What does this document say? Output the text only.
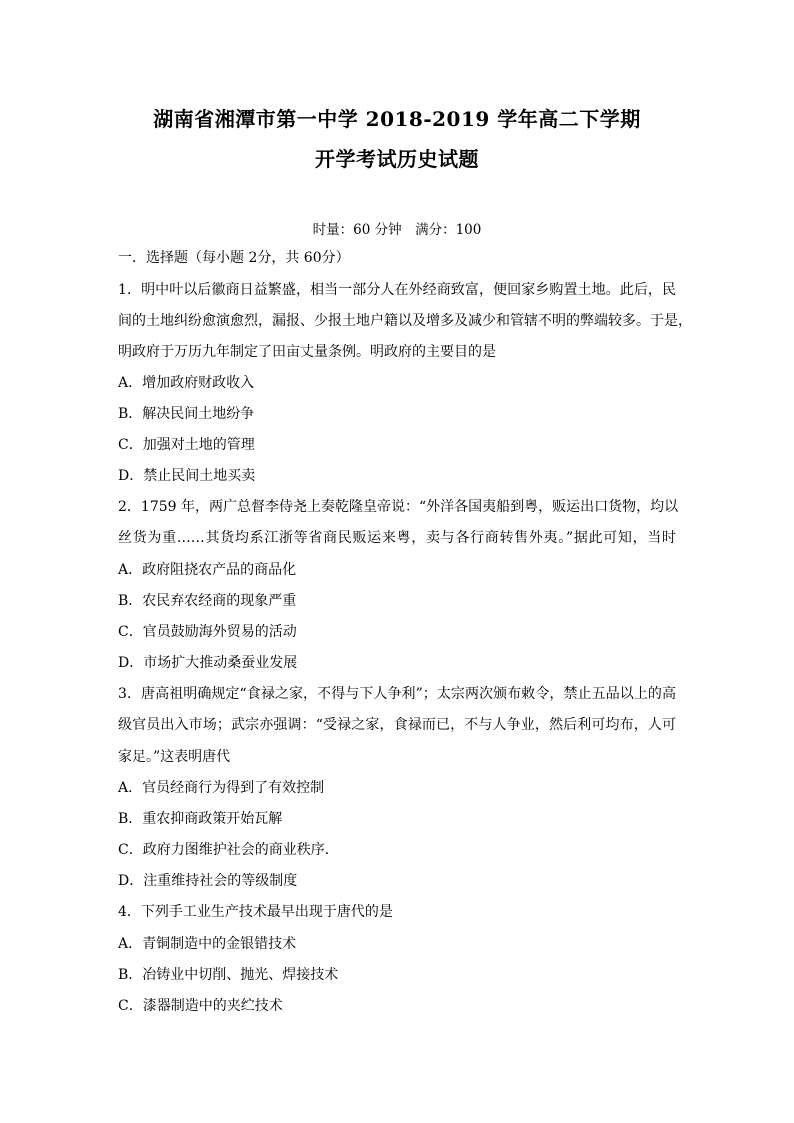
湖南省湘潭市第一中学 2018-2019 学年高二下学期
开学考试历史试题
时量：60 分钟　满分：100
一．选择题（每小题 2分，共 60分）
1．明中叶以后徽商日益繁盛，相当一部分人在外经商致富，便回家乡购置土地。此后，民
间的土地纠纷愈演愈烈，漏报、少报土地户籍以及增多及减少和管辖不明的弊端较多。于是，
明政府于万历九年制定了田亩丈量条例。明政府的主要目的是
A．增加政府财政收入
B．解决民间土地纷争
C．加强对土地的管理
D．禁止民间土地买卖
2．1759 年，两广总督李侍尧上奏乾隆皇帝说：“外洋各国夷船到粤，贩运出口货物，均以
丝货为重……其货均系江浙等省商民贩运来粤，卖与各行商转售外夷。”据此可知，当时
A．政府阻挠农产品的商品化
B．农民弃农经商的现象严重
C．官员鼓励海外贸易的活动
D．市场扩大推动桑蚕业发展
3．唐高祖明确规定“食禄之家，不得与下人争利”；太宗两次颁布敕令，禁止五品以上的高
级官员出入市场；武宗亦强调：“受禄之家，食禄而已，不与人争业，然后利可均布，人可
家足。”这表明唐代
A．官员经商行为得到了有效控制
B．重农抑商政策开始瓦解
C．政府力图维护社会的商业秩序.
D．注重维持社会的等级制度
4．下列手工业生产技术最早出现于唐代的是
A．青铜制造中的金银错技术
B．冶铸业中切削、抛光、焊接技术
C．漆器制造中的夹纻技术
